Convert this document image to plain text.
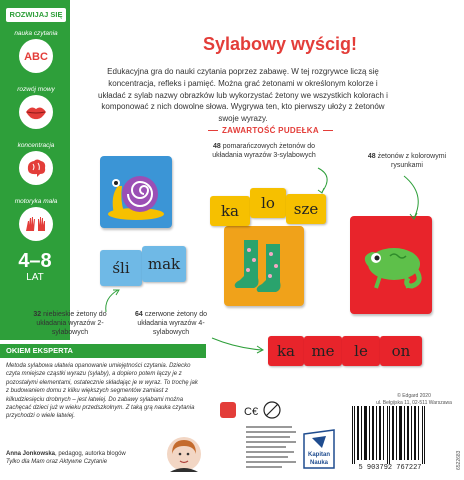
ROZWIJAJ SIĘ
nauka czytania
ABC
rozwój mowy
koncentracja
motoryka mała
4–8
LAT
Sylabowy wyścig!
Edukacyjna gra do nauki czytania poprzez zabawę. W tej rozgrywce liczą się koncentracja, refleks i pamięć. Można grać żetonami w określonym kolorze i układać z sylab nazwy obrazków lub wykorzystać żetony we wszystkich kolorach i komponować z nich dowolne słowa. Wygrywa ten, kto pierwszy ułoży z żetonów swoje wyrazy.
ZAWARTOŚĆ PUDEŁKA
48 pomarańczowych żetonów do układania wyrazów 3-sylabowych	48 żetonów z kolorowymi rysunkami
32 niebieskie żetony do układania wyrazów 2-sylabowych
64 czerwone żetony do układania wyrazów 4-sylabowych
ka	lo	sze
śli	mak
ka	me	le	on
OKIEM EKSPERTA
Metoda sylabowa ułatwia opanowanie umiejętności czytania. Dziecko czyta mniejsze cząstki wyrazu (sylaby), a dopiero potem łączy je z pozostałymi elementami, ostatecznie składając je w wyraz. To trochę jak z budowaniem domu z kilku większych segmentów zamiast z kilkudziesięciu drobnych – jest łatwiej. Do zabawy sylabami można zachęcać dzieci już w wieku przedszkolnym. Z taką grą nauka czytania przychodzi o wiele łatwiej.
Anna Jonkowska, pedagog, autorka blogów
Tylko dla Mam oraz Aktywne Czytanie
C€
© Edgard 2020
ul. Bełgijska 11, 02-511 Warszawa
Kapitan
Nauka
5 903792 767227	6522683
